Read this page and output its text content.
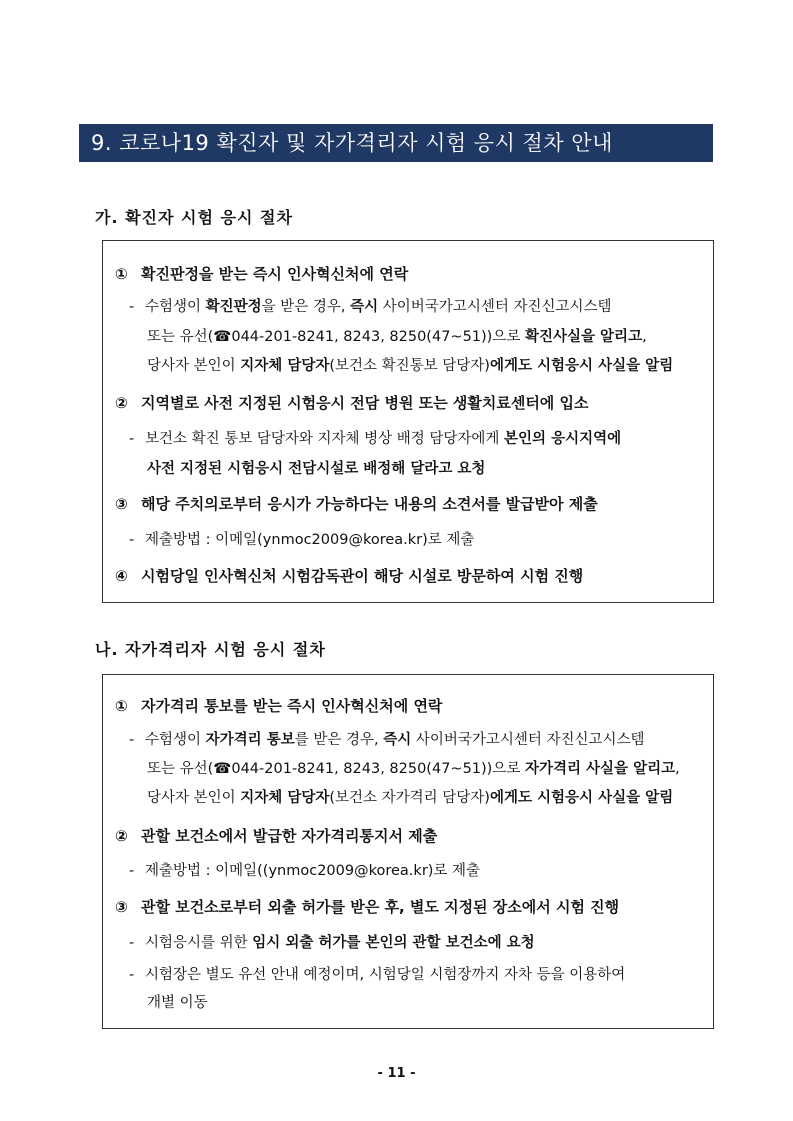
9. 코로나19 확진자 및 자가격리자 시험 응시 절차 안내
가. 확진자 시험 응시 절차
① 확진판정을 받는 즉시 인사혁신처에 연락
- 수험생이 확진판정을 받은 경우, 즉시 사이버국가고시센터 자진신고시스템
또는 유선(☎044-201-8241, 8243, 8250(47~51))으로 확진사실을 알리고,
당사자 본인이 지자체 담당자(보건소 확진통보 담당자)에게도 시험응시 사실을 알림
② 지역별로 사전 지정된 시험응시 전담 병원 또는 생활치료센터에 입소
- 보건소 확진 통보 담당자와 지자체 병상 배정 담당자에게 본인의 응시지역에
사전 지정된 시험응시 전담시설로 배정해 달라고 요청
③ 해당 주치의로부터 응시가 가능하다는 내용의 소견서를 발급받아 제출
- 제출방법 : 이메일(ynmoc2009@korea.kr)로 제출
④ 시험당일 인사혁신처 시험감독관이 해당 시설로 방문하여 시험 진행
나. 자가격리자 시험 응시 절차
① 자가격리 통보를 받는 즉시 인사혁신처에 연락
- 수험생이 자가격리 통보를 받은 경우, 즉시 사이버국가고시센터 자진신고시스템
또는 유선(☎044-201-8241, 8243, 8250(47~51))으로 자가격리 사실을 알리고,
당사자 본인이 지자체 담당자(보건소 자가격리 담당자)에게도 시험응시 사실을 알림
② 관할 보건소에서 발급한 자가격리통지서 제출
- 제출방법 : 이메일((ynmoc2009@korea.kr)로 제출
③ 관할 보건소로부터 외출 허가를 받은 후, 별도 지정된 장소에서 시험 진행
- 시험응시를 위한 임시 외출 허가를 본인의 관할 보건소에 요청
- 시험장은 별도 유선 안내 예정이며, 시험당일 시험장까지 자차 등을 이용하여
개별 이동
- 11 -
